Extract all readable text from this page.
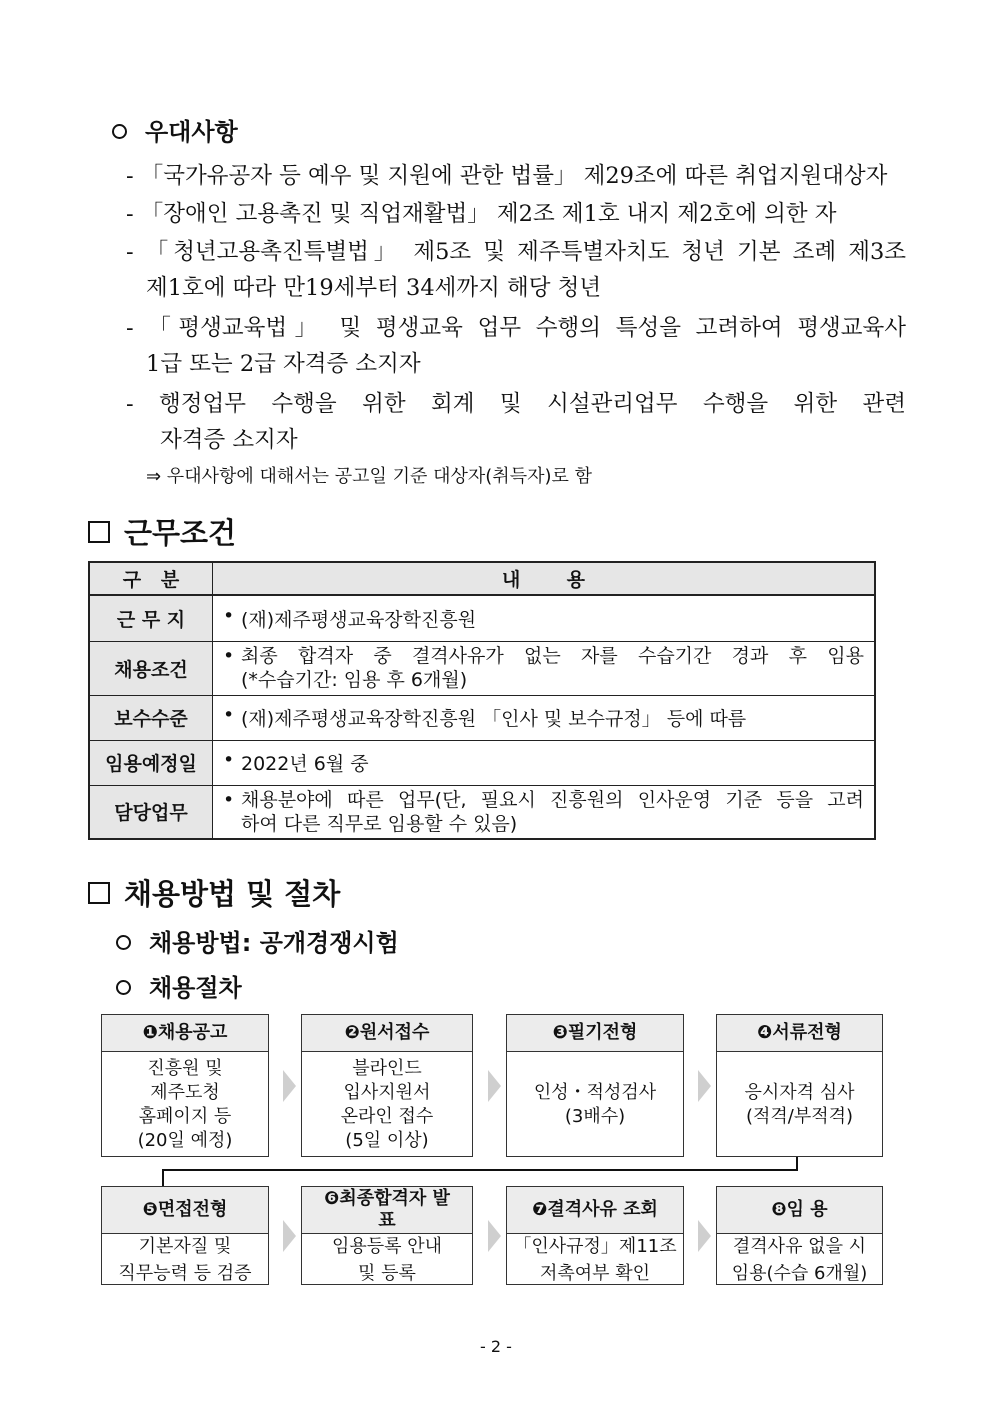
우대사항
- 「국가유공자 등 예우 및 지원에 관한 법률」 제29조에 따른 취업지원대상자
- 「장애인 고용촉진 및 직업재활법」 제2조 제1호 내지 제2호에 의한 자
- 「청년고용촉진특별법」 제5조 및 제주특별자치도 청년 기본 조례 제3조
제1호에 따라 만19세부터 34세까지 해당 청년
- 「평생교육법」 및 평생교육 업무 수행의 특성을 고려하여 평생교육사
1급 또는 2급 자격증 소지자
- 행정업무 수행을 위한 회계 및 시설관리업무 수행을 위한 관련
자격증 소지자
⇒ 우대사항에 대해서는 공고일 기준 대상자(취득자)로 함
근무조건
구   분	내       용
근 무 지	• (재)제주평생교육장학진흥원

채용조건	• 최종 합격자 중 결격사유가 없는 자를 수습기간 경과 후 임용
(*수습기간: 임용 후 6개월)

보수수준	• (재)제주평생교육장학진흥원 「인사 및 보수규정」 등에 따름

임용예정일	• 2022년 6월 중

담당업무	• 채용분야에 따른 업무(단, 필요시 진흥원의 인사운영 기준 등을 고려
하여 다른 직무로 임용할 수 있음)
채용방법 및 절차
채용방법: 공개경쟁시험
채용절차
❶채용공고
진흥원 및
제주도청
홈페이지 등
(20일 예정)
❷원서접수
블라인드
입사지원서
온라인 접수
(5일 이상)
❸필기전형
인성・적성검사
(3배수)
❹서류전형
응시자격 심사
(적격/부적격)
❺면접전형
기본자질 및
직무능력 등 검증
❻최종합격자 발표
임용등록 안내
및 등록
❼결격사유 조회
「인사규정」제11조
저촉여부 확인
❽임 용
결격사유 없을 시
임용(수습 6개월)
- 2 -
